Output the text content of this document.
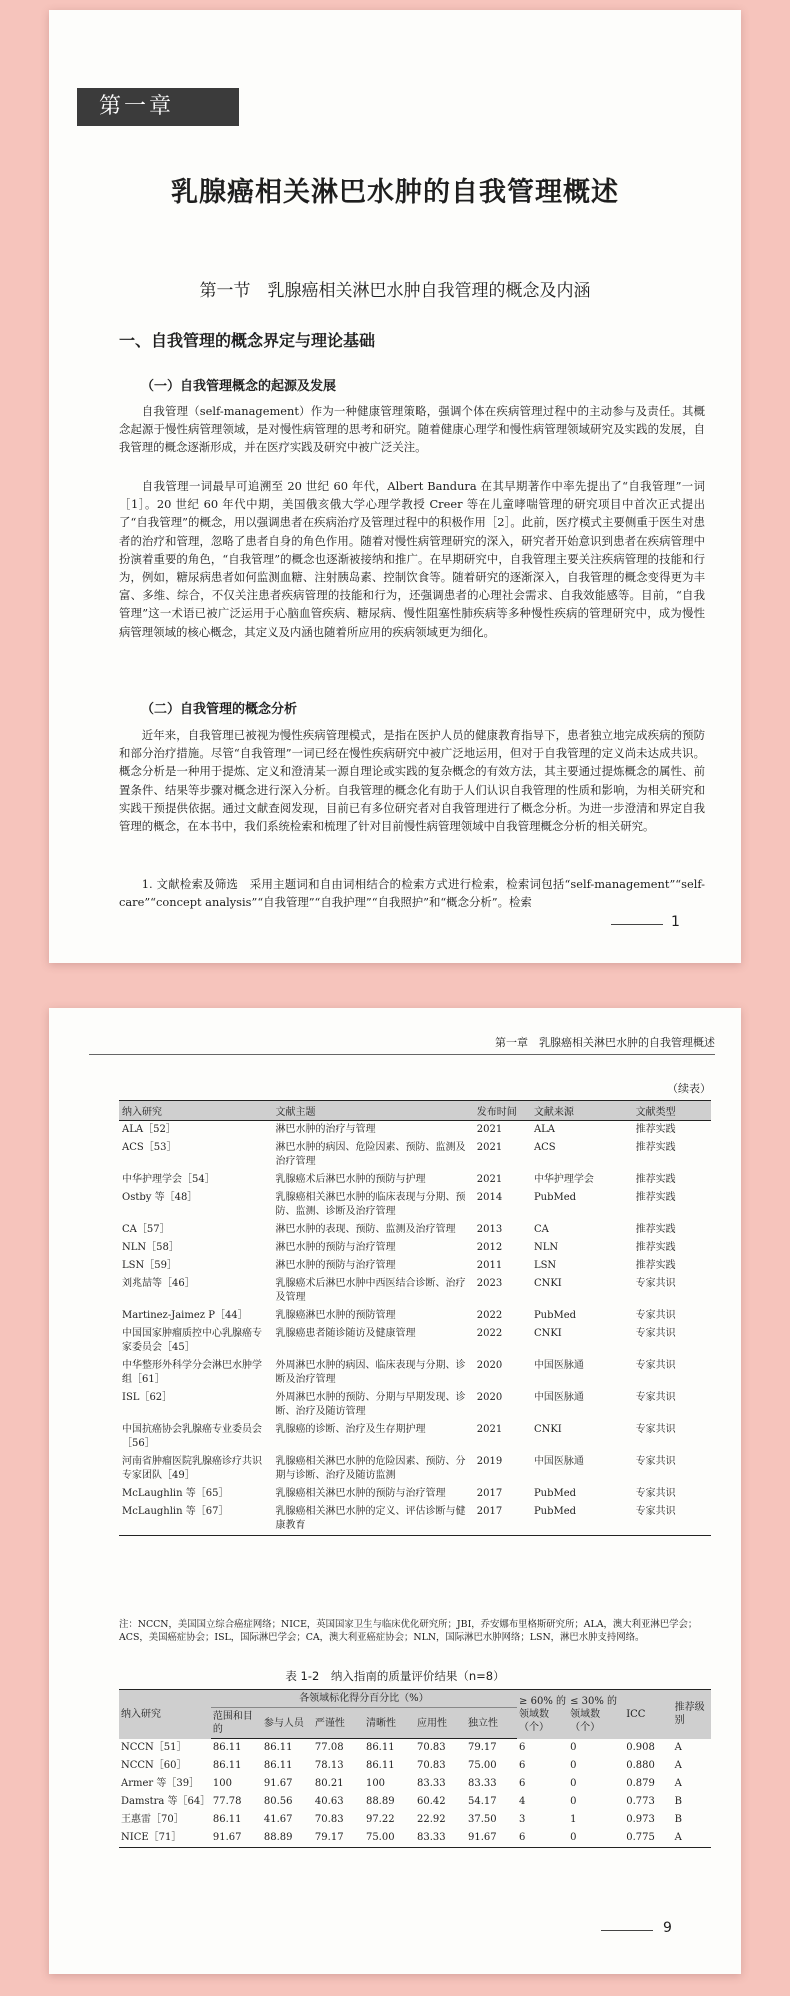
第一章
乳腺癌相关淋巴水肿的自我管理概述
第一节　乳腺癌相关淋巴水肿自我管理的概念及内涵
一、自我管理的概念界定与理论基础
（一）自我管理概念的起源及发展
自我管理（self-management）作为一种健康管理策略，强调个体在疾病管理过程中的主动参与及责任。其概念起源于慢性病管理领域，是对慢性病管理的思考和研究。随着健康心理学和慢性病管理领域研究及实践的发展，自我管理的概念逐渐形成，并在医疗实践及研究中被广泛关注。
自我管理一词最早可追溯至 20 世纪 60 年代，Albert Bandura 在其早期著作中率先提出了“自我管理”一词［1］。20 世纪 60 年代中期，美国俄亥俄大学心理学教授 Creer 等在儿童哮喘管理的研究项目中首次正式提出了“自我管理”的概念，用以强调患者在疾病治疗及管理过程中的积极作用［2］。此前，医疗模式主要侧重于医生对患者的治疗和管理，忽略了患者自身的角色作用。随着对慢性病管理研究的深入，研究者开始意识到患者在疾病管理中扮演着重要的角色，“自我管理”的概念也逐渐被接纳和推广。在早期研究中，自我管理主要关注疾病管理的技能和行为，例如，糖尿病患者如何监测血糖、注射胰岛素、控制饮食等。随着研究的逐渐深入，自我管理的概念变得更为丰富、多维、综合，不仅关注患者疾病管理的技能和行为，还强调患者的心理社会需求、自我效能感等。目前，“自我管理”这一术语已被广泛运用于心脑血管疾病、糖尿病、慢性阻塞性肺疾病等多种慢性疾病的管理研究中，成为慢性病管理领域的核心概念，其定义及内涵也随着所应用的疾病领域更为细化。
（二）自我管理的概念分析
近年来，自我管理已被视为慢性疾病管理模式，是指在医护人员的健康教育指导下，患者独立地完成疾病的预防和部分治疗措施。尽管“自我管理”一词已经在慢性疾病研究中被广泛地运用，但对于自我管理的定义尚未达成共识。概念分析是一种用于提炼、定义和澄清某一源自理论或实践的复杂概念的有效方法，其主要通过提炼概念的属性、前置条件、结果等步骤对概念进行深入分析。自我管理的概念化有助于人们认识自我管理的性质和影响，为相关研究和实践干预提供依据。通过文献查阅发现，目前已有多位研究者对自我管理进行了概念分析。为进一步澄清和界定自我管理的概念，在本书中，我们系统检索和梳理了针对目前慢性病管理领域中自我管理概念分析的相关研究。
1. 文献检索及筛选　采用主题词和自由词相结合的检索方式进行检索，检索词包括“self-management”“self-care”“concept analysis”“自我管理”“自我护理”“自我照护”和“概念分析”。检索
1
第一章　乳腺癌相关淋巴水肿的自我管理概述
（续表）
纳入研究	文献主题	发布时间	文献来源	文献类型
ALA［52］	淋巴水肿的治疗与管理	2021	ALA	推荐实践
ACS［53］	淋巴水肿的病因、危险因素、预防、监测及治疗管理	2021	ACS	推荐实践
中华护理学会［54］	乳腺癌术后淋巴水肿的预防与护理	2021	中华护理学会	推荐实践
Ostby 等［48］	乳腺癌相关淋巴水肿的临床表现与分期、预防、监测、诊断及治疗管理	2014	PubMed	推荐实践
CA［57］	淋巴水肿的表现、预防、监测及治疗管理	2013	CA	推荐实践
NLN［58］	淋巴水肿的预防与治疗管理	2012	NLN	推荐实践
LSN［59］	淋巴水肿的预防与治疗管理	2011	LSN	推荐实践
刘兆喆等［46］	乳腺癌术后淋巴水肿中西医结合诊断、治疗及管理	2023	CNKI	专家共识
Martinez-Jaimez P［44］	乳腺癌淋巴水肿的预防管理	2022	PubMed	专家共识
中国国家肿瘤质控中心乳腺癌专家委员会［45］	乳腺癌患者随诊随访及健康管理	2022	CNKI	专家共识
中华整形外科学分会淋巴水肿学组［61］	外周淋巴水肿的病因、临床表现与分期、诊断及治疗管理	2020	中国医脉通	专家共识
ISL［62］	外周淋巴水肿的预防、分期与早期发现、诊断、治疗及随访管理	2020	中国医脉通	专家共识
中国抗癌协会乳腺癌专业委员会［56］	乳腺癌的诊断、治疗及生存期护理	2021	CNKI	专家共识
河南省肿瘤医院乳腺癌诊疗共识专家团队［49］	乳腺癌相关淋巴水肿的危险因素、预防、分期与诊断、治疗及随访监测	2019	中国医脉通	专家共识
McLaughlin 等［65］	乳腺癌相关淋巴水肿的预防与治疗管理	2017	PubMed	专家共识
McLaughlin 等［67］	乳腺癌相关淋巴水肿的定义、评估诊断与健康教育	2017	PubMed	专家共识
注：NCCN，美国国立综合癌症网络；NICE，英国国家卫生与临床优化研究所；JBI，乔安娜布里格斯研究所；ALA，澳大利亚淋巴学会；ACS，美国癌症协会；ISL，国际淋巴学会；CA，澳大利亚癌症协会；NLN，国际淋巴水肿网络；LSN，淋巴水肿支持网络。
表 1-2　纳入指南的质量评价结果（n=8）
纳入研究	各领域标化得分百分比（%）						≥ 60% 的领域数（个）	≤ 30% 的领域数（个）	ICC	推荐级别
	范围和目的	参与人员	严谨性	清晰性	应用性	独立性				
NCCN［51］	86.11	86.11	77.08	86.11	70.83	79.17	6	0	0.908	A
NCCN［60］	86.11	86.11	78.13	86.11	70.83	75.00	6	0	0.880	A
Armer 等［39］	100	91.67	80.21	100	83.33	83.33	6	0	0.879	A
Damstra 等［64］	77.78	80.56	40.63	88.89	60.42	54.17	4	0	0.773	B
王惠雷［70］	86.11	41.67	70.83	97.22	22.92	37.50	3	1	0.973	B
NICE［71］	91.67	88.89	79.17	75.00	83.33	91.67	6	0	0.775	A
9
